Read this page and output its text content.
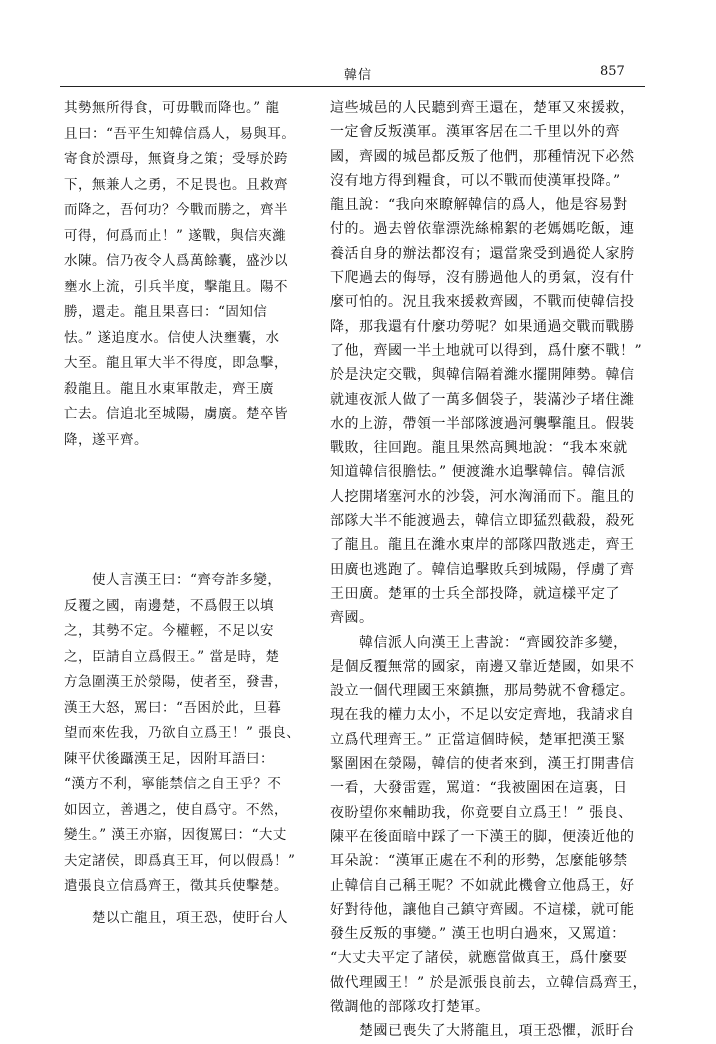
韓信	857
其勢無所得食，可毋戰而降也。” 龍
且曰：“吾平生知韓信爲人，易與耳。
寄食於漂母，無資身之策；受辱於跨
下，無兼人之勇，不足畏也。且救齊
而降之，吾何功？今戰而勝之，齊半
可得，何爲而止！” 遂戰，與信夾濰
水陳。信乃夜令人爲萬餘囊，盛沙以
壅水上流，引兵半度，擊龍且。陽不
勝，還走。龍且果喜曰：“固知信
怯。” 遂追度水。信使人決壅囊，水
大至。龍且軍大半不得度，即急擊，
殺龍且。龍且水東軍散走，齊王廣
亡去。信追北至城陽，虜廣。楚卒皆
降，遂平齊。
　　使人言漢王曰：“齊夸詐多變，
反覆之國，南邊楚，不爲假王以填
之，其勢不定。今權輕，不足以安
之，臣請自立爲假王。” 當是時，楚
方急圍漢王於滎陽，使者至，發書，
漢王大怒，罵曰：“吾困於此，旦暮
望而來佐我，乃欲自立爲王！” 張良、
陳平伏後躡漢王足，因附耳語曰：
“漢方不利，寧能禁信之自王乎？不
如因立，善遇之，使自爲守。不然，
變生。” 漢王亦寤，因復罵曰：“大丈
夫定諸侯，即爲真王耳，何以假爲！”
遣張良立信爲齊王，徵其兵使擊楚。
　　楚以亡龍且，項王恐，使盱台人
這些城邑的人民聽到齊王還在，楚軍又來援救，
一定會反叛漢軍。漢軍客居在二千里以外的齊
國，齊國的城邑都反叛了他們，那種情況下必然
沒有地方得到糧食，可以不戰而使漢軍投降。”
龍且說：“我向來瞭解韓信的爲人，他是容易對
付的。過去曾依靠漂洗絲棉絮的老媽媽吃飯，連
養活自身的辦法都沒有；還當衆受到過從人家胯
下爬過去的侮辱，沒有勝過他人的勇氣，沒有什
麼可怕的。況且我來援救齊國，不戰而使韓信投
降，那我還有什麼功勞呢？如果通過交戰而戰勝
了他，齊國一半土地就可以得到，爲什麼不戰！”
於是決定交戰，與韓信隔着濰水擺開陣勢。韓信
就連夜派人做了一萬多個袋子，裝滿沙子堵住濰
水的上游，帶領一半部隊渡過河襲擊龍且。假裝
戰敗，往回跑。龍且果然高興地說：“我本來就
知道韓信很膽怯。” 便渡濰水追擊韓信。韓信派
人挖開堵塞河水的沙袋，河水洶涌而下。龍且的
部隊大半不能渡過去，韓信立即猛烈截殺，殺死
了龍且。龍且在濰水東岸的部隊四散逃走，齊王
田廣也逃跑了。韓信追擊敗兵到城陽，俘虜了齊
王田廣。楚軍的士兵全部投降，就這樣平定了
齊國。
　　韓信派人向漢王上書說：“齊國狡詐多變，
是個反覆無常的國家，南邊又靠近楚國，如果不
設立一個代理國王來鎮撫，那局勢就不會穩定。
現在我的權力太小，不足以安定齊地，我請求自
立爲代理齊王。” 正當這個時候，楚軍把漢王緊
緊圍困在滎陽，韓信的使者來到，漢王打開書信
一看，大發雷霆，罵道：“我被圍困在這裏，日
夜盼望你來輔助我，你竟要自立爲王！” 張良、
陳平在後面暗中踩了一下漢王的脚，便湊近他的
耳朵說：“漢軍正處在不利的形勢，怎麼能够禁
止韓信自己稱王呢？不如就此機會立他爲王，好
好對待他，讓他自己鎮守齊國。不這樣，就可能
發生反叛的事變。” 漢王也明白過來，又罵道：
“大丈夫平定了諸侯，就應當做真王，爲什麼要
做代理國王！” 於是派張良前去，立韓信爲齊王，
徵調他的部隊攻打楚軍。
　　楚國已喪失了大將龍且，項王恐懼，派盱台
